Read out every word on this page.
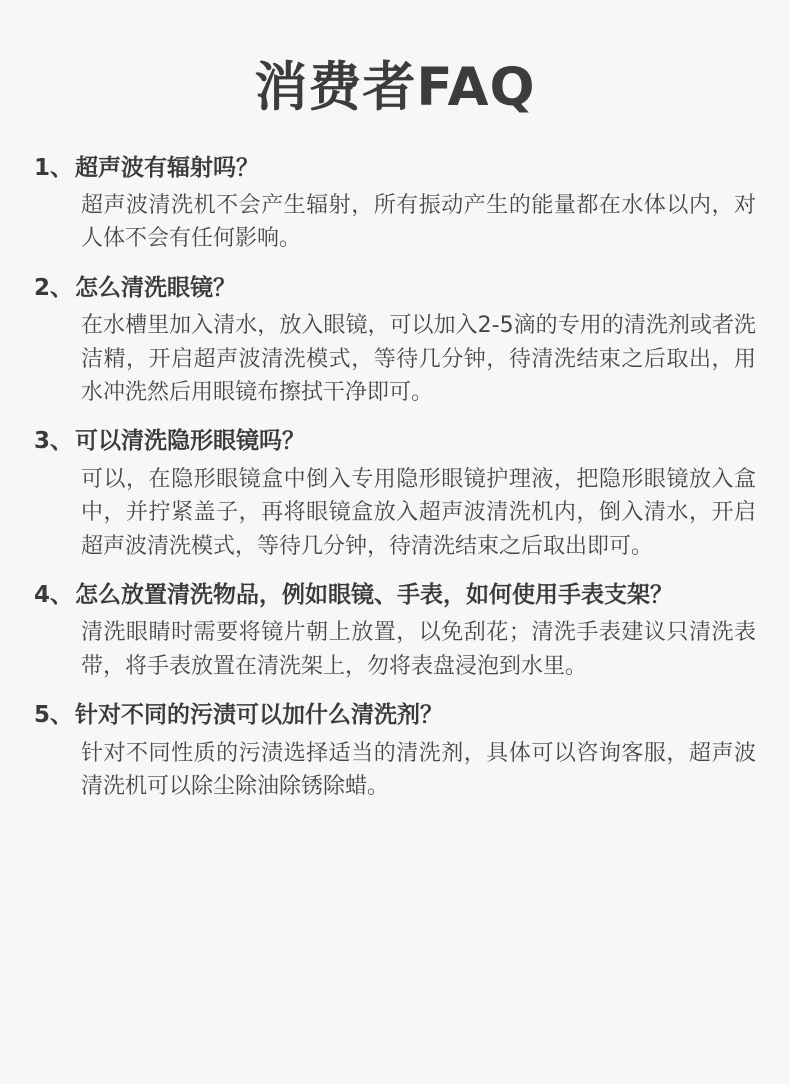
消费者FAQ
1、 超声波有辐射吗？
超声波清洗机不会产生辐射，所有振动产生的能量都在水体以内，对人体不会有任何影响。
2、 怎么清洗眼镜？
在水槽里加入清水，放入眼镜，可以加入2-5滴的专用的清洗剂或者洗洁精，开启超声波清洗模式，等待几分钟，待清洗结束之后取出，用水冲洗然后用眼镜布擦拭干净即可。
3、 可以清洗隐形眼镜吗？
可以，在隐形眼镜盒中倒入专用隐形眼镜护理液，把隐形眼镜放入盒中，并拧紧盖子，再将眼镜盒放入超声波清洗机内，倒入清水，开启超声波清洗模式，等待几分钟，待清洗结束之后取出即可。
4、 怎么放置清洗物品，例如眼镜、手表，如何使用手表支架？
清洗眼睛时需要将镜片朝上放置，以免刮花；清洗手表建议只清洗表带，将手表放置在清洗架上，勿将表盘浸泡到水里。
5、 针对不同的污渍可以加什么清洗剂？
针对不同性质的污渍选择适当的清洗剂，具体可以咨询客服，超声波清洗机可以除尘除油除锈除蜡。
